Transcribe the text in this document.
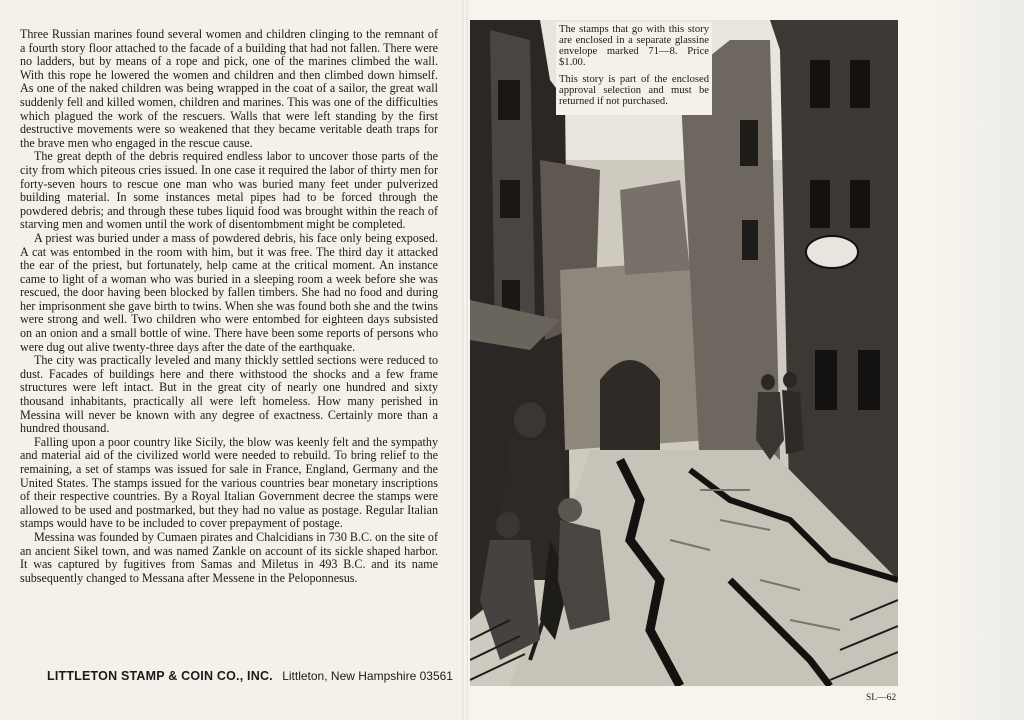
Three Russian marines found several women and children clinging to the remnant of a fourth story floor attached to the facade of a building that had not fallen. There were no ladders, but by means of a rope and pick, one of the marines climbed the wall. With this rope he lowered the women and children and then climbed down himself. As one of the naked children was being wrapped in the coat of a sailor, the great wall suddenly fell and killed women, children and marines. This was one of the difficulties which plagued the work of the rescuers. Walls that were left standing by the first destructive movements were so weakened that they became veritable death traps for the brave men who engaged in the rescue cause.

The great depth of the debris required endless labor to uncover those parts of the city from which piteous cries issued. In one case it required the labor of thirty men for forty-seven hours to rescue one man who was buried many feet under pulverized building material. In some instances metal pipes had to be forced through the powdered debris; and through these tubes liquid food was brought within the reach of starving men and women until the work of disentombment might be completed.

A priest was buried under a mass of powdered debris, his face only being exposed. A cat was entombed in the room with him, but it was free. The third day it attacked the ear of the priest, but fortunately, help came at the critical moment. An instance came to light of a woman who was buried in a sleeping room a week before she was rescued, the door having been blocked by fallen timbers. She had no food and during her imprisonment she gave birth to twins. When she was found both she and the twins were strong and well. Two children who were entombed for eighteen days subsisted on an onion and a small bottle of wine. There have been some reports of persons who were dug out alive twenty-three days after the date of the earthquake.

The city was practically leveled and many thickly settled sections were reduced to dust. Facades of buildings here and there withstood the shocks and a few frame structures were left intact. But in the great city of nearly one hundred and sixty thousand inhabitants, practically all were left homeless. How many perished in Messina will never be known with any degree of exactness. Certainly more than a hundred thousand.

Falling upon a poor country like Sicily, the blow was keenly felt and the sympathy and material aid of the civilized world were needed to rebuild. To bring relief to the remaining, a set of stamps was issued for sale in France, England, Germany and the United States. The stamps issued for the various countries bear monetary inscriptions of their respective countries. By a Royal Italian Government decree the stamps were allowed to be used and postmarked, but they had no value as postage. Regular Italian stamps would have to be included to cover prepayment of postage.

Messina was founded by Cumaen pirates and Chalcidians in 730 B.C. on the site of an ancient Sikel town, and was named Zankle on account of its sickle shaped harbor. It was captured by fugitives from Samas and Miletus in 493 B.C. and its name subsequently changed to Messana after Messene in the Peloponnesus.

LITTLETON STAMP & COIN CO., INC. Littleton, New Hampshire 03561

The stamps that go with this story are enclosed in a separate glassine envelope marked 71—8. Price $1.00.

This story is part of the enclosed approval selection and must be returned if not purchased.

SL—62
